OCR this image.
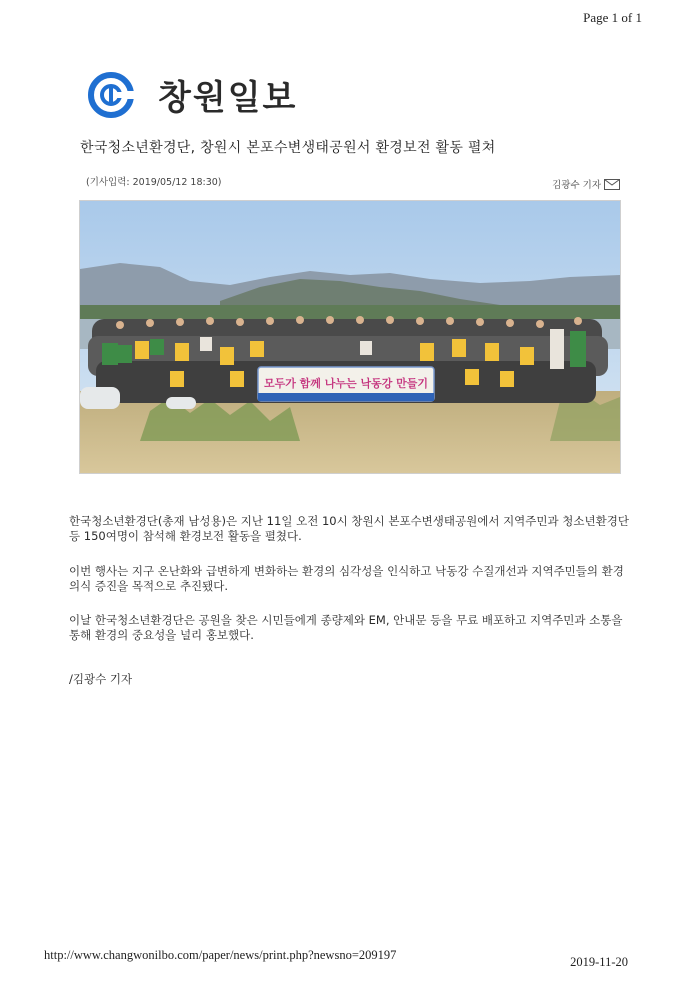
Page 1 of 1
창원일보
한국청소년환경단, 창원시 본포수변생태공원서 환경보전 활동 펼쳐
(기사입력: 2019/05/12 18:30)	김광수 기자
모두가 함께 나누는 낙동강 만들기

한국청소년환경단(총재 남성용)은 지난 11일 오전 10시 창원시 본포수변생태공원에서 지역주민과 청소년환경단 등 150여명이 참석해 환경보전 활동을 펼쳤다.

이번 행사는 지구 온난화와 급변하게 변화하는 환경의 심각성을 인식하고 낙동강 수질개선과 지역주민들의 환경의식 증진을 목적으로 추진됐다.

이날 한국청소년환경단은 공원을 찾은 시민들에게 종량제와 EM, 안내문 등을 무료 배포하고 지역주민과 소통을 통해 환경의 중요성을 널리 홍보했다.

/김광수 기자

http://www.changwonilbo.com/paper/news/print.php?newsno=209197	2019-11-20
